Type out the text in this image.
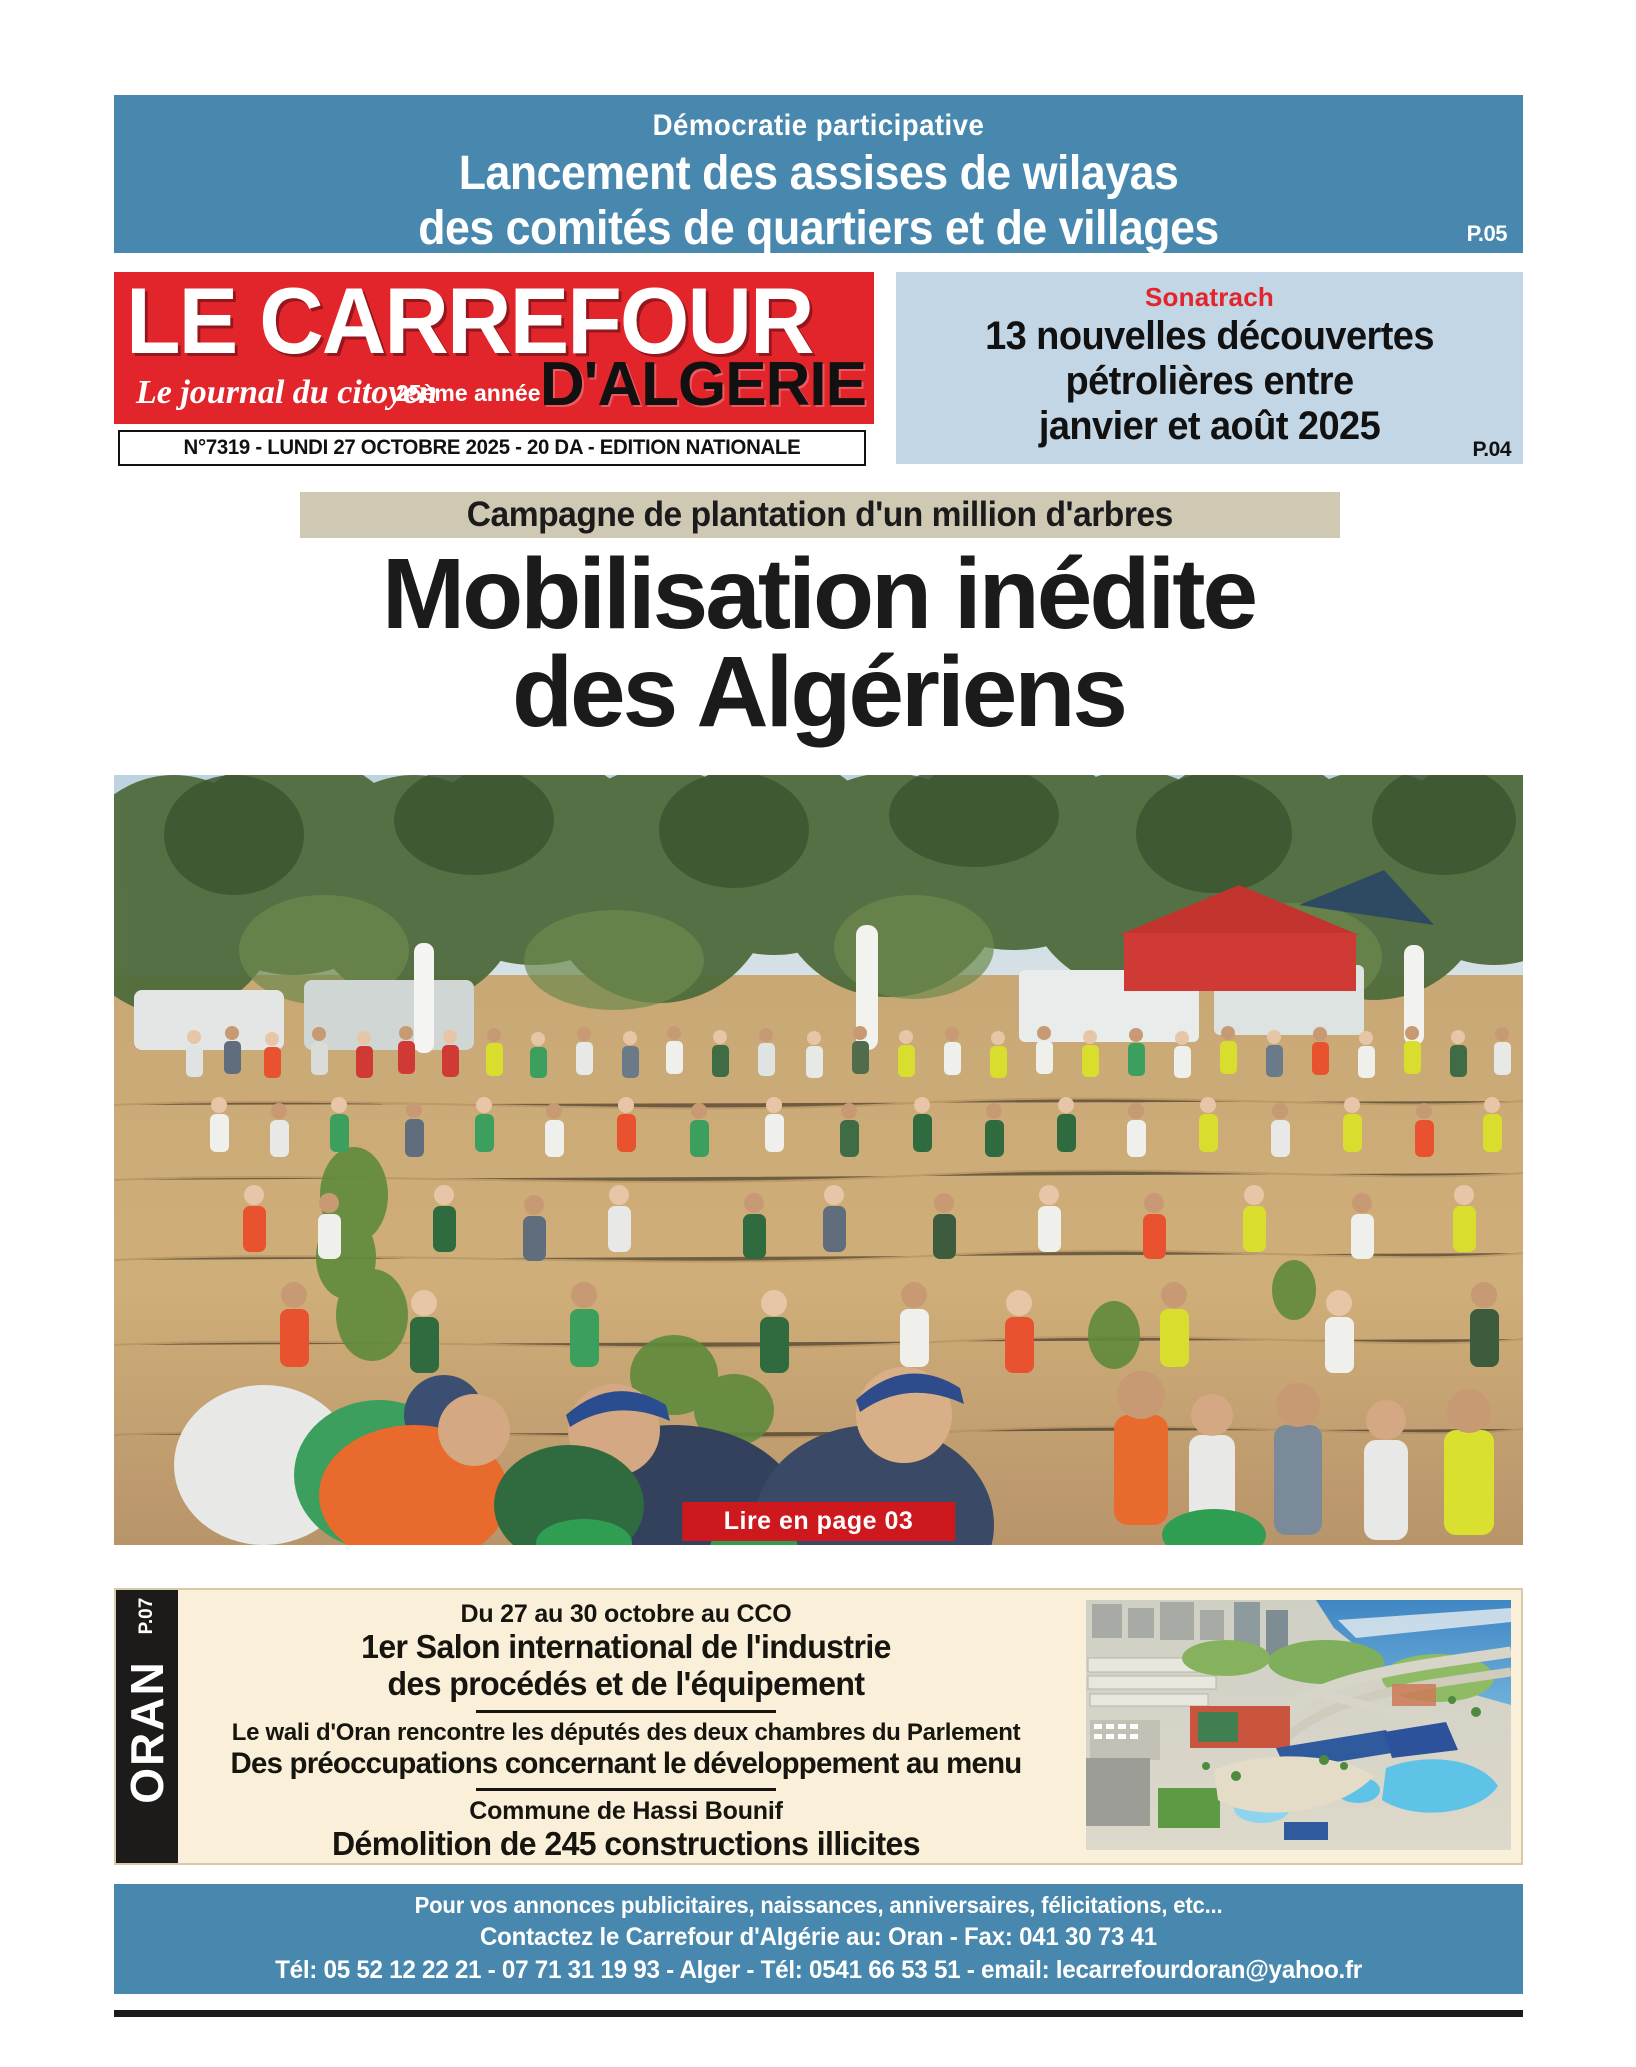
Démocratie participative
Lancement des assises de wilayas
des comités de quartiers et de villages	P.05
LE CARREFOUR
Le journal du citoyen
25ème année D'ALGERIE
N°7319 - LUNDI 27 OCTOBRE 2025 - 20 DA - EDITION NATIONALE
Sonatrach
13 nouvelles découvertes
pétrolières entre
janvier et août 2025
P.04
Campagne de plantation d'un million d'arbres
Mobilisation inédite
des Algériens
Lire en page 03
P.07
ORAN
Du 27 au 30 octobre au CCO
1er Salon international de l'industrie
des procédés et de l'équipement
Le wali d'Oran rencontre les députés des deux chambres du Parlement
Des préoccupations concernant le développement au menu
Commune de Hassi Bounif
Démolition de 245 constructions illicites
Pour vos annonces publicitaires, naissances, anniversaires, félicitations, etc...
Contactez le Carrefour d'Algérie au: Oran - Fax: 041 30 73 41
Tél: 05 52 12 22 21 - 07 71 31 19 93 - Alger - Tél: 0541 66 53 51 - email: lecarrefourdoran@yahoo.fr
